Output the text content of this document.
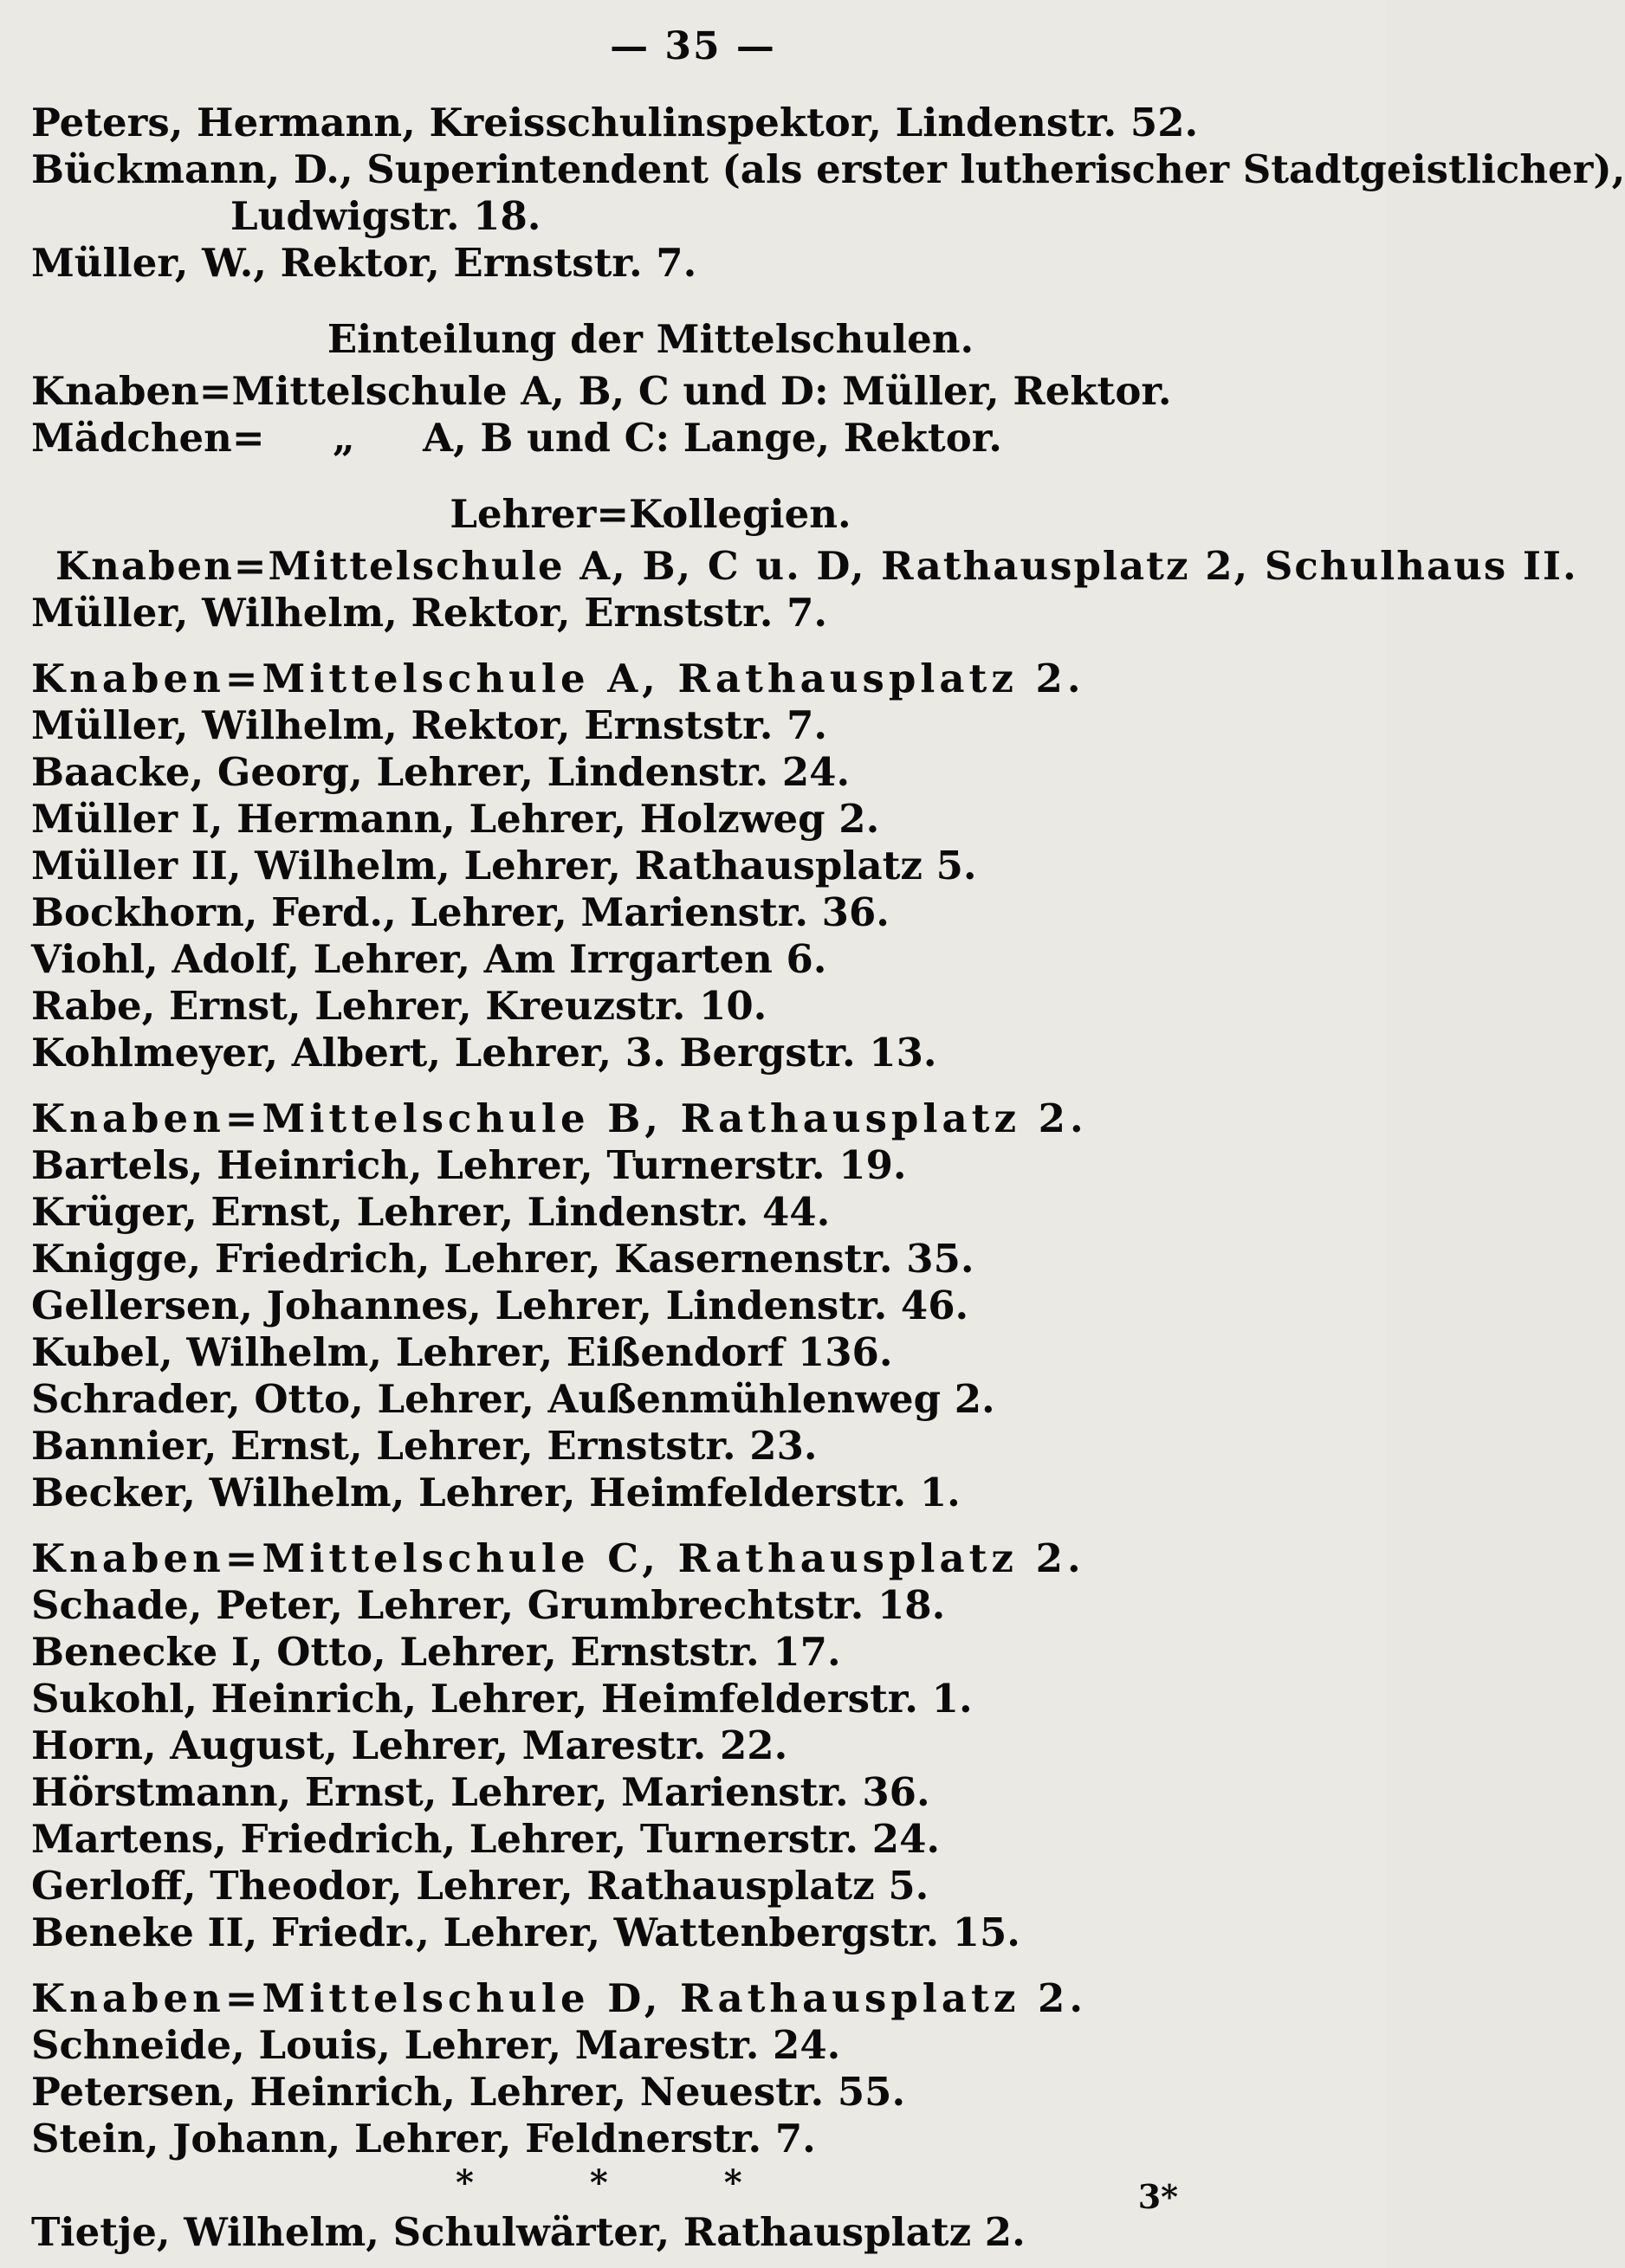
— 35 —
Peters, Hermann, Kreisschulinspektor, Lindenstr. 52.
Bückmann, D., Superintendent (als erster lutherischer Stadtgeistlicher),
Ludwigstr. 18.
Müller, W., Rektor, Ernststr. 7.
Einteilung der Mittelschulen.
Knaben=Mittelschule A, B, C und D: Müller, Rektor.
Mädchen=     „     A, B und C: Lange, Rektor.
Lehrer=Kollegien.
Knaben=Mittelschule A, B, C u. D, Rathausplatz 2, Schulhaus II.
Müller, Wilhelm, Rektor, Ernststr. 7.
Knaben=Mittelschule A, Rathausplatz 2.
Müller, Wilhelm, Rektor, Ernststr. 7.
Baacke, Georg, Lehrer, Lindenstr. 24.
Müller I, Hermann, Lehrer, Holzweg 2.
Müller II, Wilhelm, Lehrer, Rathausplatz 5.
Bockhorn, Ferd., Lehrer, Marienstr. 36.
Viohl, Adolf, Lehrer, Am Irrgarten 6.
Rabe, Ernst, Lehrer, Kreuzstr. 10.
Kohlmeyer, Albert, Lehrer, 3. Bergstr. 13.
Knaben=Mittelschule B, Rathausplatz 2.
Bartels, Heinrich, Lehrer, Turnerstr. 19.
Krüger, Ernst, Lehrer, Lindenstr. 44.
Knigge, Friedrich, Lehrer, Kasernenstr. 35.
Gellersen, Johannes, Lehrer, Lindenstr. 46.
Kubel, Wilhelm, Lehrer, Eißendorf 136.
Schrader, Otto, Lehrer, Außenmühlenweg 2.
Bannier, Ernst, Lehrer, Ernststr. 23.
Becker, Wilhelm, Lehrer, Heimfelderstr. 1.
Knaben=Mittelschule C, Rathausplatz 2.
Schade, Peter, Lehrer, Grumbrechtstr. 18.
Benecke I, Otto, Lehrer, Ernststr. 17.
Sukohl, Heinrich, Lehrer, Heimfelderstr. 1.
Horn, August, Lehrer, Marestr. 22.
Hörstmann, Ernst, Lehrer, Marienstr. 36.
Martens, Friedrich, Lehrer, Turnerstr. 24.
Gerloff, Theodor, Lehrer, Rathausplatz 5.
Beneke II, Friedr., Lehrer, Wattenbergstr. 15.
Knaben=Mittelschule D, Rathausplatz 2.
Schneide, Louis, Lehrer, Marestr. 24.
Petersen, Heinrich, Lehrer, Neuestr. 55.
Stein, Johann, Lehrer, Feldnerstr. 7.
* * *
Tietje, Wilhelm, Schulwärter, Rathausplatz 2.
3*
